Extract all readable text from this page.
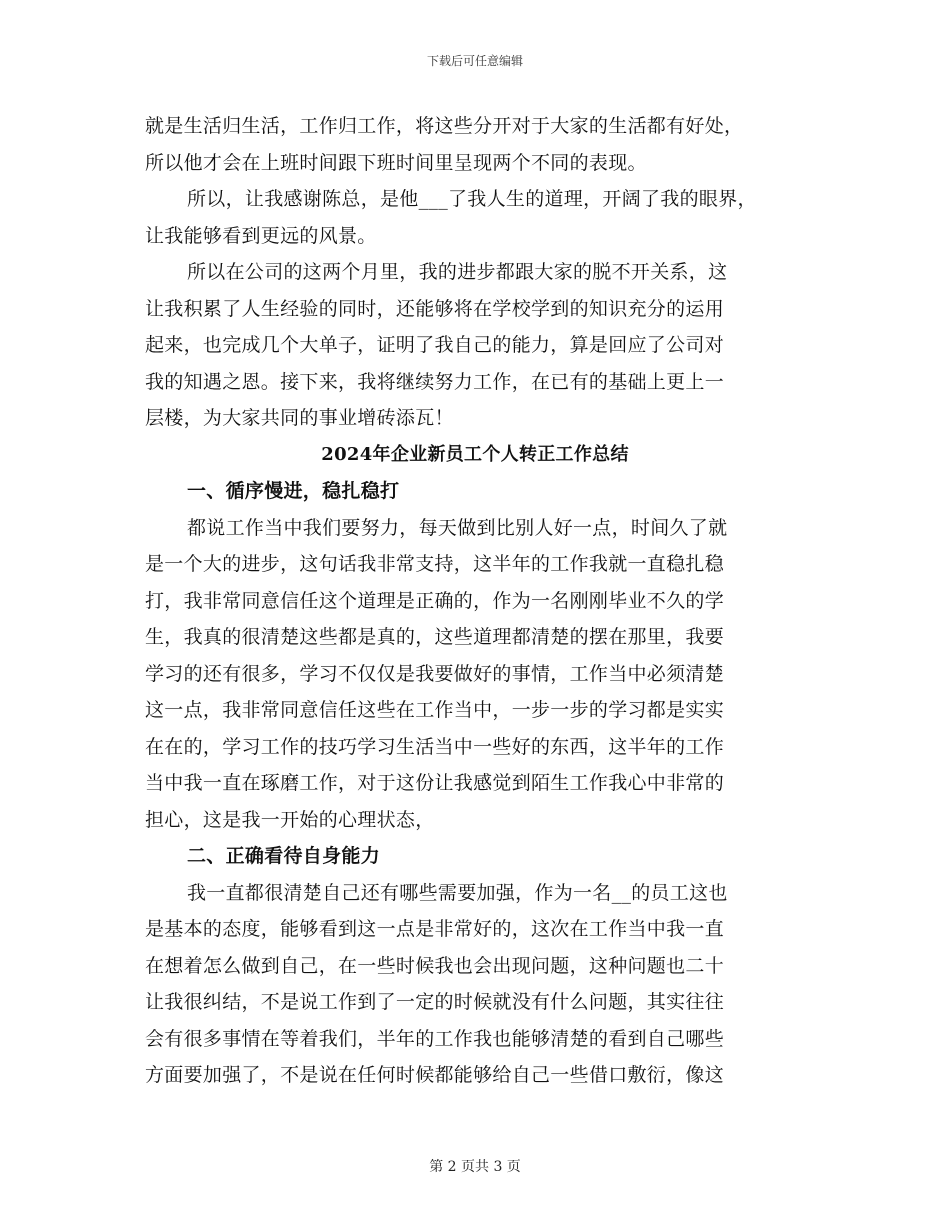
下载后可任意编辑
就是生活归生活，工作归工作，将这些分开对于大家的生活都有好处，
所以他才会在上班时间跟下班时间里呈现两个不同的表现。
所以，让我感谢陈总，是他___了我人生的道理，开阔了我的眼界，
让我能够看到更远的风景。
所以在公司的这两个月里，我的进步都跟大家的脱不开关系，这
让我积累了人生经验的同时，还能够将在学校学到的知识充分的运用
起来，也完成几个大单子，证明了我自己的能力，算是回应了公司对
我的知遇之恩。接下来，我将继续努力工作，在已有的基础上更上一
层楼，为大家共同的事业增砖添瓦！
2024年企业新员工个人转正工作总结
一、循序慢进，稳扎稳打
都说工作当中我们要努力，每天做到比别人好一点，时间久了就
是一个大的进步，这句话我非常支持，这半年的工作我就一直稳扎稳
打，我非常同意信任这个道理是正确的，作为一名刚刚毕业不久的学
生，我真的很清楚这些都是真的，这些道理都清楚的摆在那里，我要
学习的还有很多，学习不仅仅是我要做好的事情，工作当中必须清楚
这一点，我非常同意信任这些在工作当中，一步一步的学习都是实实
在在的，学习工作的技巧学习生活当中一些好的东西，这半年的工作
当中我一直在琢磨工作，对于这份让我感觉到陌生工作我心中非常的
担心，这是我一开始的心理状态，
二、正确看待自身能力
我一直都很清楚自己还有哪些需要加强，作为一名__的员工这也
是基本的态度，能够看到这一点是非常好的，这次在工作当中我一直
在想着怎么做到自己，在一些时候我也会出现问题，这种问题也二十
让我很纠结，不是说工作到了一定的时候就没有什么问题，其实往往
会有很多事情在等着我们，半年的工作我也能够清楚的看到自己哪些
方面要加强了，不是说在任何时候都能够给自己一些借口敷衍，像这
第 2 页共 3 页
